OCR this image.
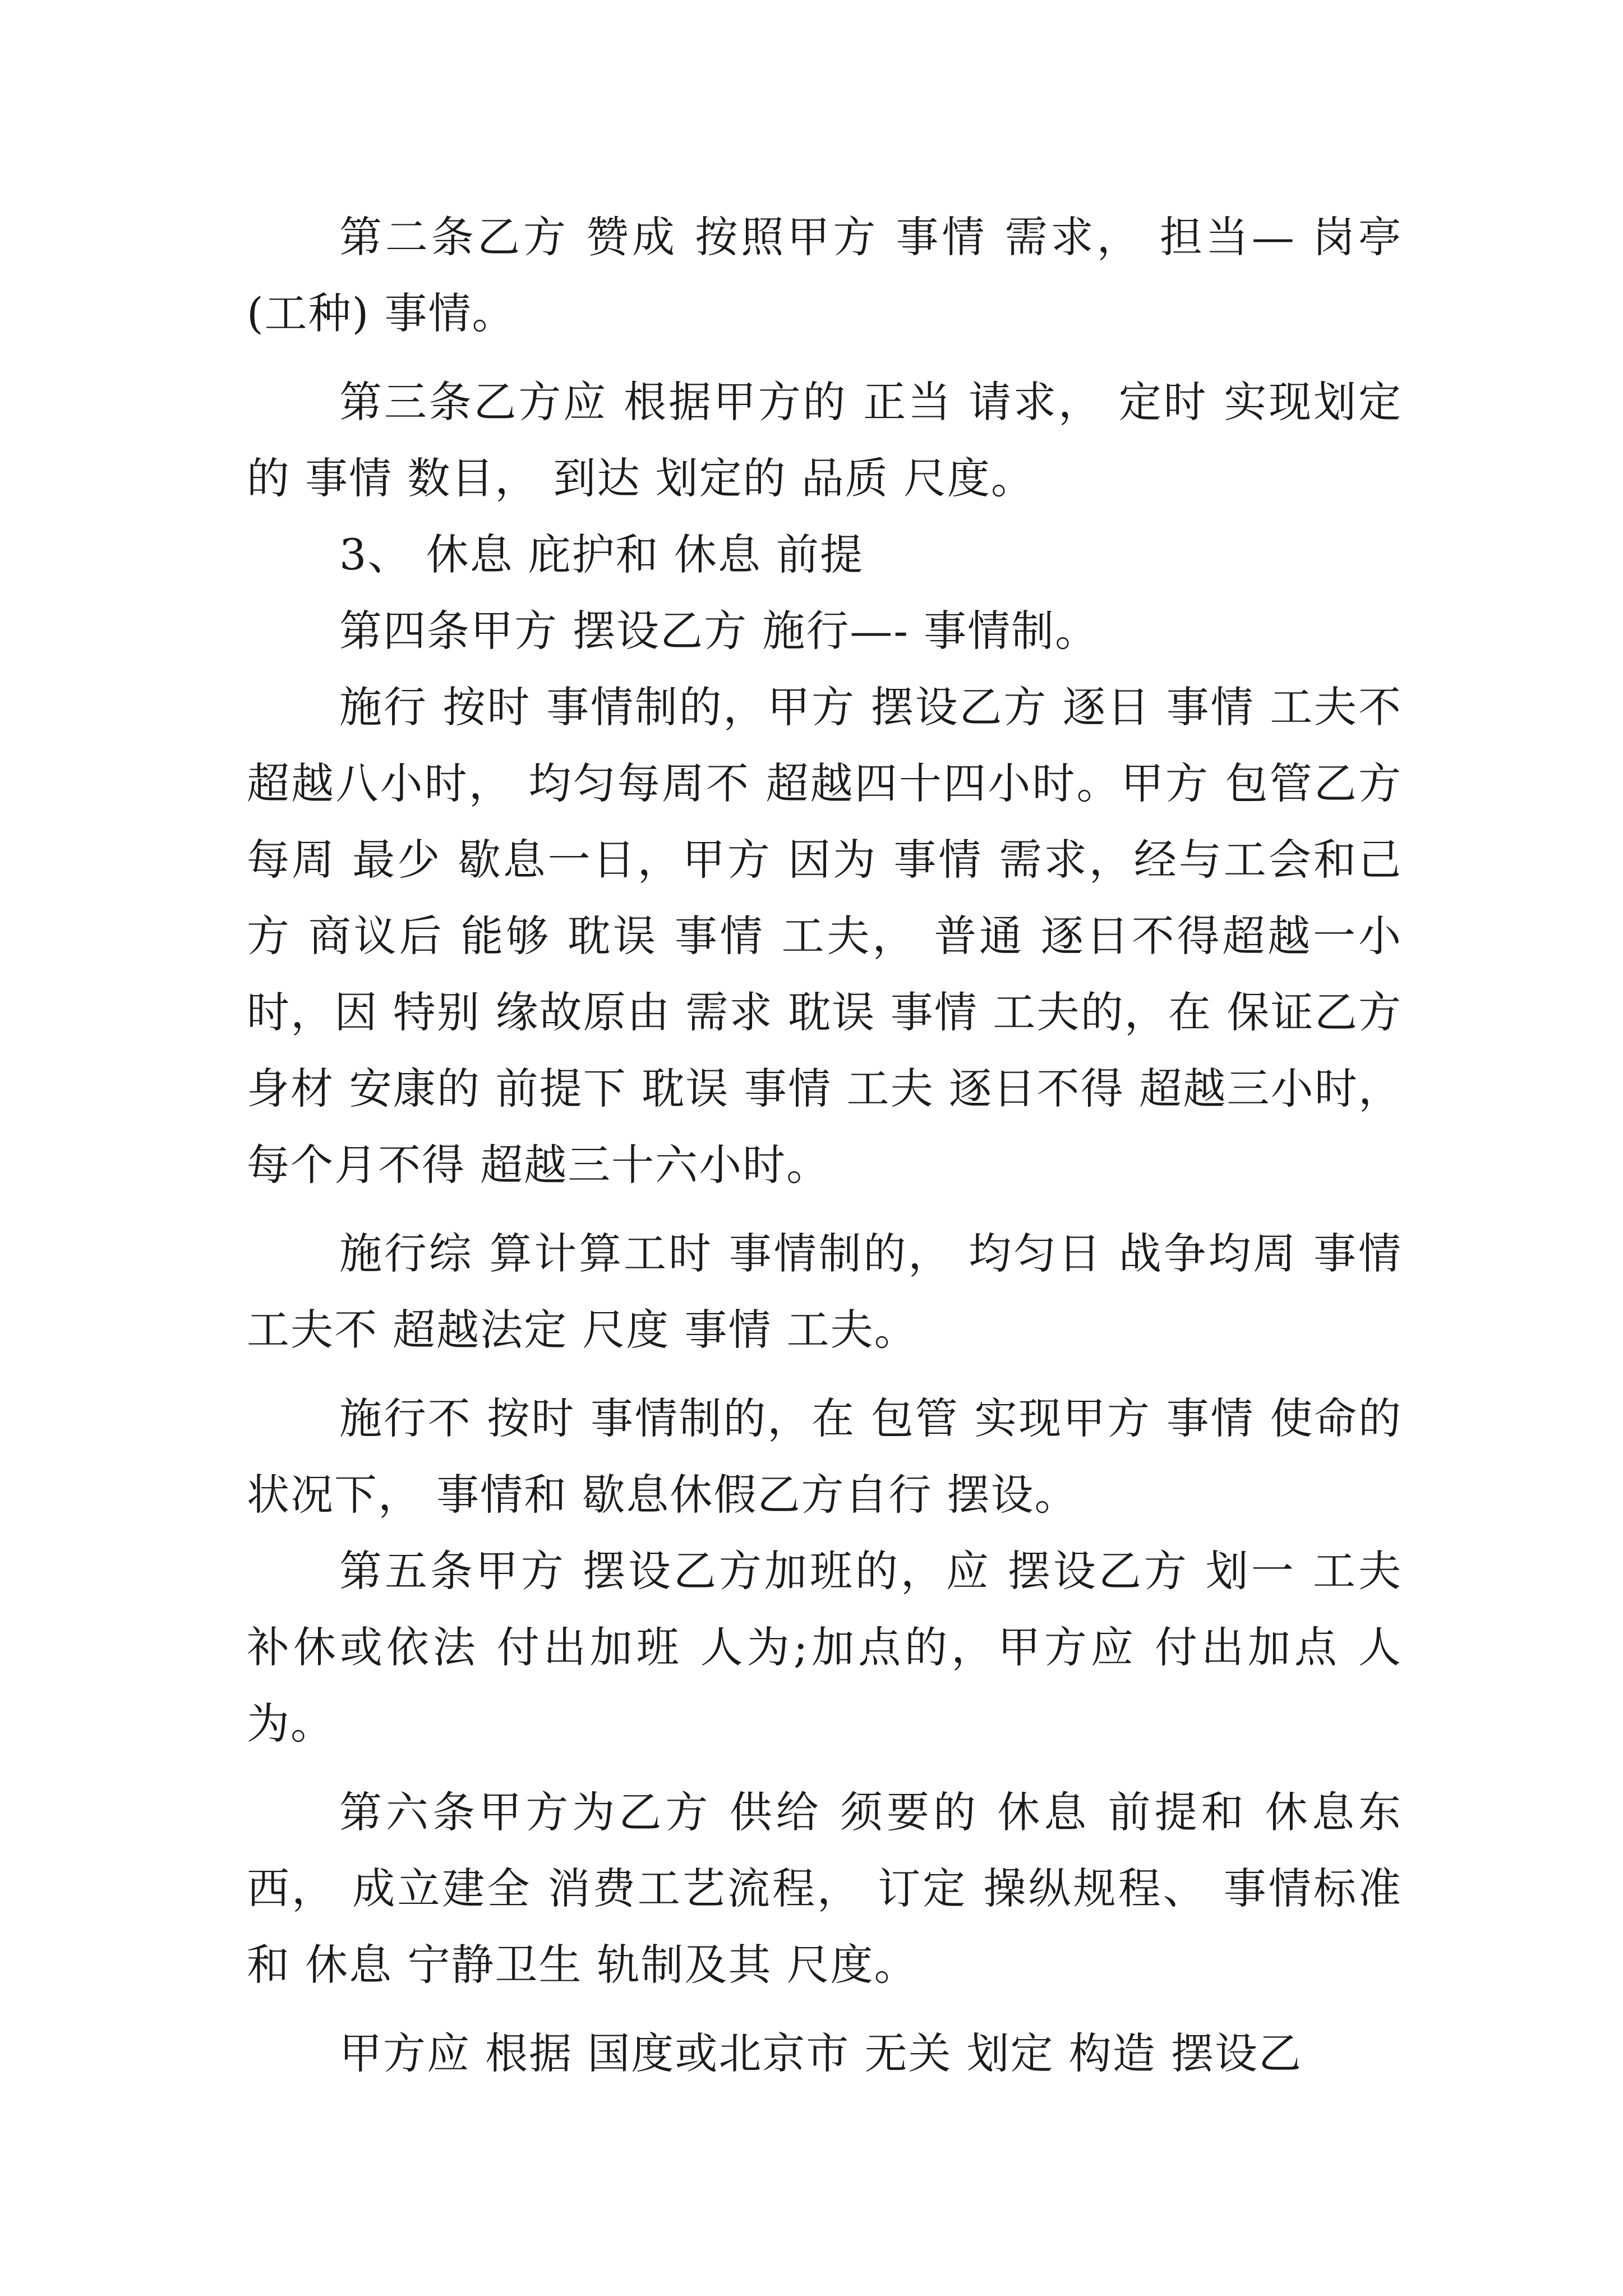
第二条乙方 赞成 按照甲方 事情 需求， 担当— 岗亭(工种) 事情。

第三条乙方应 根据甲方的 正当 请求， 定时 实现划定的 事情 数目， 到达 划定的 品质 尺度。

3、 休息 庇护和 休息 前提

第四条甲方 摆设乙方 施行—- 事情制。

施行 按时 事情制的，甲方 摆设乙方 逐日 事情 工夫不 超越八小时， 均匀每周不 超越四十四小时。甲方 包管乙方每周 最少 歇息一日，甲方 因为 事情 需求，经与工会和己方 商议后 能够 耽误 事情 工夫， 普通 逐日不得超越一小时，因 特别 缘故原由 需求 耽误 事情 工夫的，在 保证乙方 身材 安康的 前提下 耽误 事情 工夫 逐日不得 超越三小时， 每个月不得 超越三十六小时。

施行综 算计算工时 事情制的， 均匀日 战争均周 事情 工夫不 超越法定 尺度 事情 工夫。

施行不 按时 事情制的，在 包管 实现甲方 事情 使命的 状况下， 事情和 歇息休假乙方自行 摆设。

第五条甲方 摆设乙方加班的，应 摆设乙方 划一 工夫补休或依法 付出加班 人为;加点的，甲方应 付出加点 人为。

第六条甲方为乙方 供给 须要的 休息 前提和 休息东西， 成立建全 消费工艺流程， 订定 操纵规程、 事情标准和 休息 宁静卫生 轨制及其 尺度。

甲方应 根据 国度或北京市 无关 划定 构造 摆设乙
